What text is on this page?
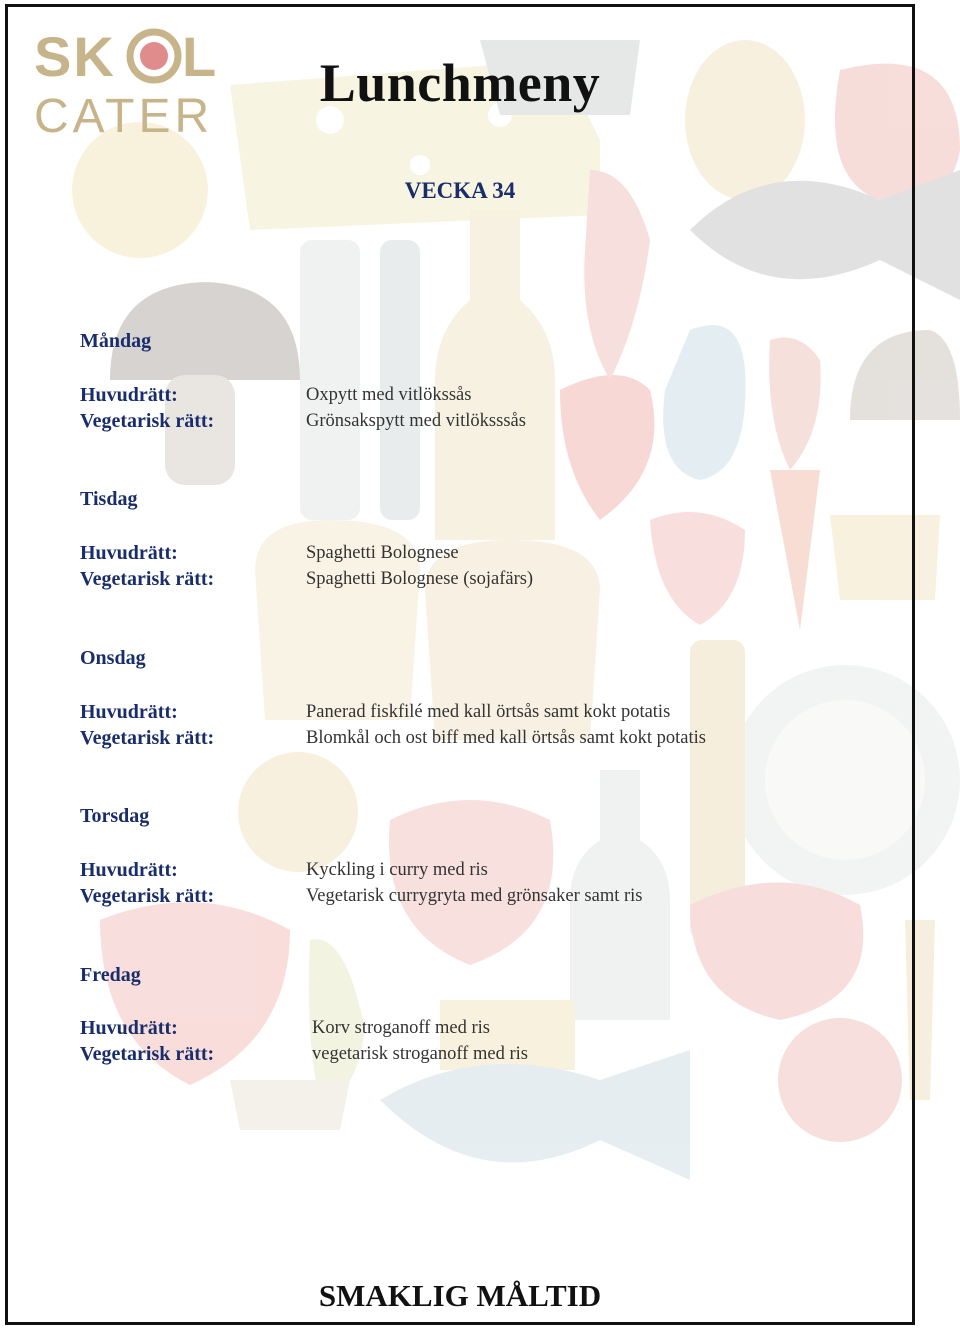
SK L
CATER
Lunchmeny
VECKA 34
Måndag
Huvudrätt:	Oxpytt med vitlökssås
Vegetarisk rätt:	Grönsakspytt med vitlöksssås
Tisdag
Huvudrätt:	Spaghetti Bolognese
Vegetarisk rätt:	Spaghetti Bolognese (sojafärs)
Onsdag
Huvudrätt:	Panerad fiskfilé med kall örtsås samt kokt potatis
Vegetarisk rätt:	Blomkål och ost biff med kall örtsås samt kokt potatis
Torsdag
Huvudrätt:	Kyckling i curry med ris
Vegetarisk rätt:	Vegetarisk currygryta med grönsaker samt ris
Fredag
Huvudrätt:	Korv stroganoff med ris
Vegetarisk rätt:	vegetarisk stroganoff med ris
SMAKLIG MÅLTID
